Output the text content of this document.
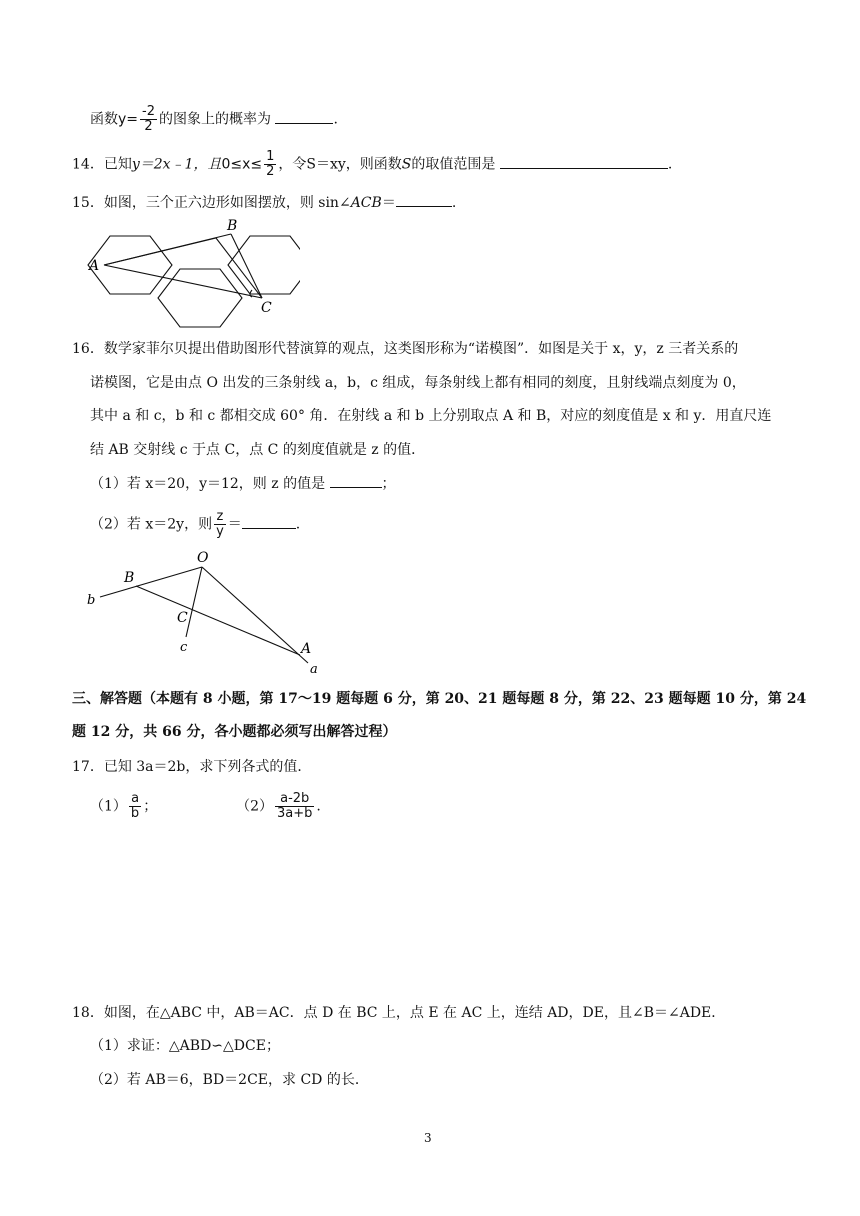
函数$y= \frac{-2}{2}$ 的图象上的概率为	.
14．已知y＝2x﹣1，且$0\le x\le \frac{1}{2}$ ，令S＝xy，则函数S的取值范围是	.
15．如图，三个正六边形如图摆放，则 sin∠ACB＝	.
A
B
C
16．数学家菲尔贝提出借助图形代替演算的观点，这类图形称为“诺模图”．如图是关于 x，y，z 三者关系的
诺模图，它是由点 O 出发的三条射线 a，b，c 组成，每条射线上都有相同的刻度，且射线端点刻度为 0，
其中 a 和 c，b 和 c 都相交成 60° 角．在射线 a 和 b 上分别取点 A 和 B，对应的刻度值是 x 和 y．用直尺连
结 AB 交射线 c 于点 C，点 C 的刻度值就是 z 的值．
（1）若 x＝20，y＝12，则 z 的值是	；
（2）若 x＝2y，则 $\frac{z}{y}$ ＝	.
O
B
C
A
b
c
a
三、解答题（本题有 8 小题，第 17～19 题每题 6 分，第 20、21 题每题 8 分，第 22、23 题每题 10 分，第 24
题 12 分，共 66 分，各小题都必须写出解答过程）
17．已知 3a＝2b，求下列各式的值．
$(1) \frac{a}{b}$ ；	$(2) \frac{a-2b}{3a+b}$ .
18．如图，在△ABC 中，AB＝AC．点 D 在 BC 上，点 E 在 AC 上，连结 AD，DE，且∠B＝∠ADE．
（1）求证：△ABD∽△DCE；
（2）若 AB＝6，BD＝2CE，求 CD 的长．
3
